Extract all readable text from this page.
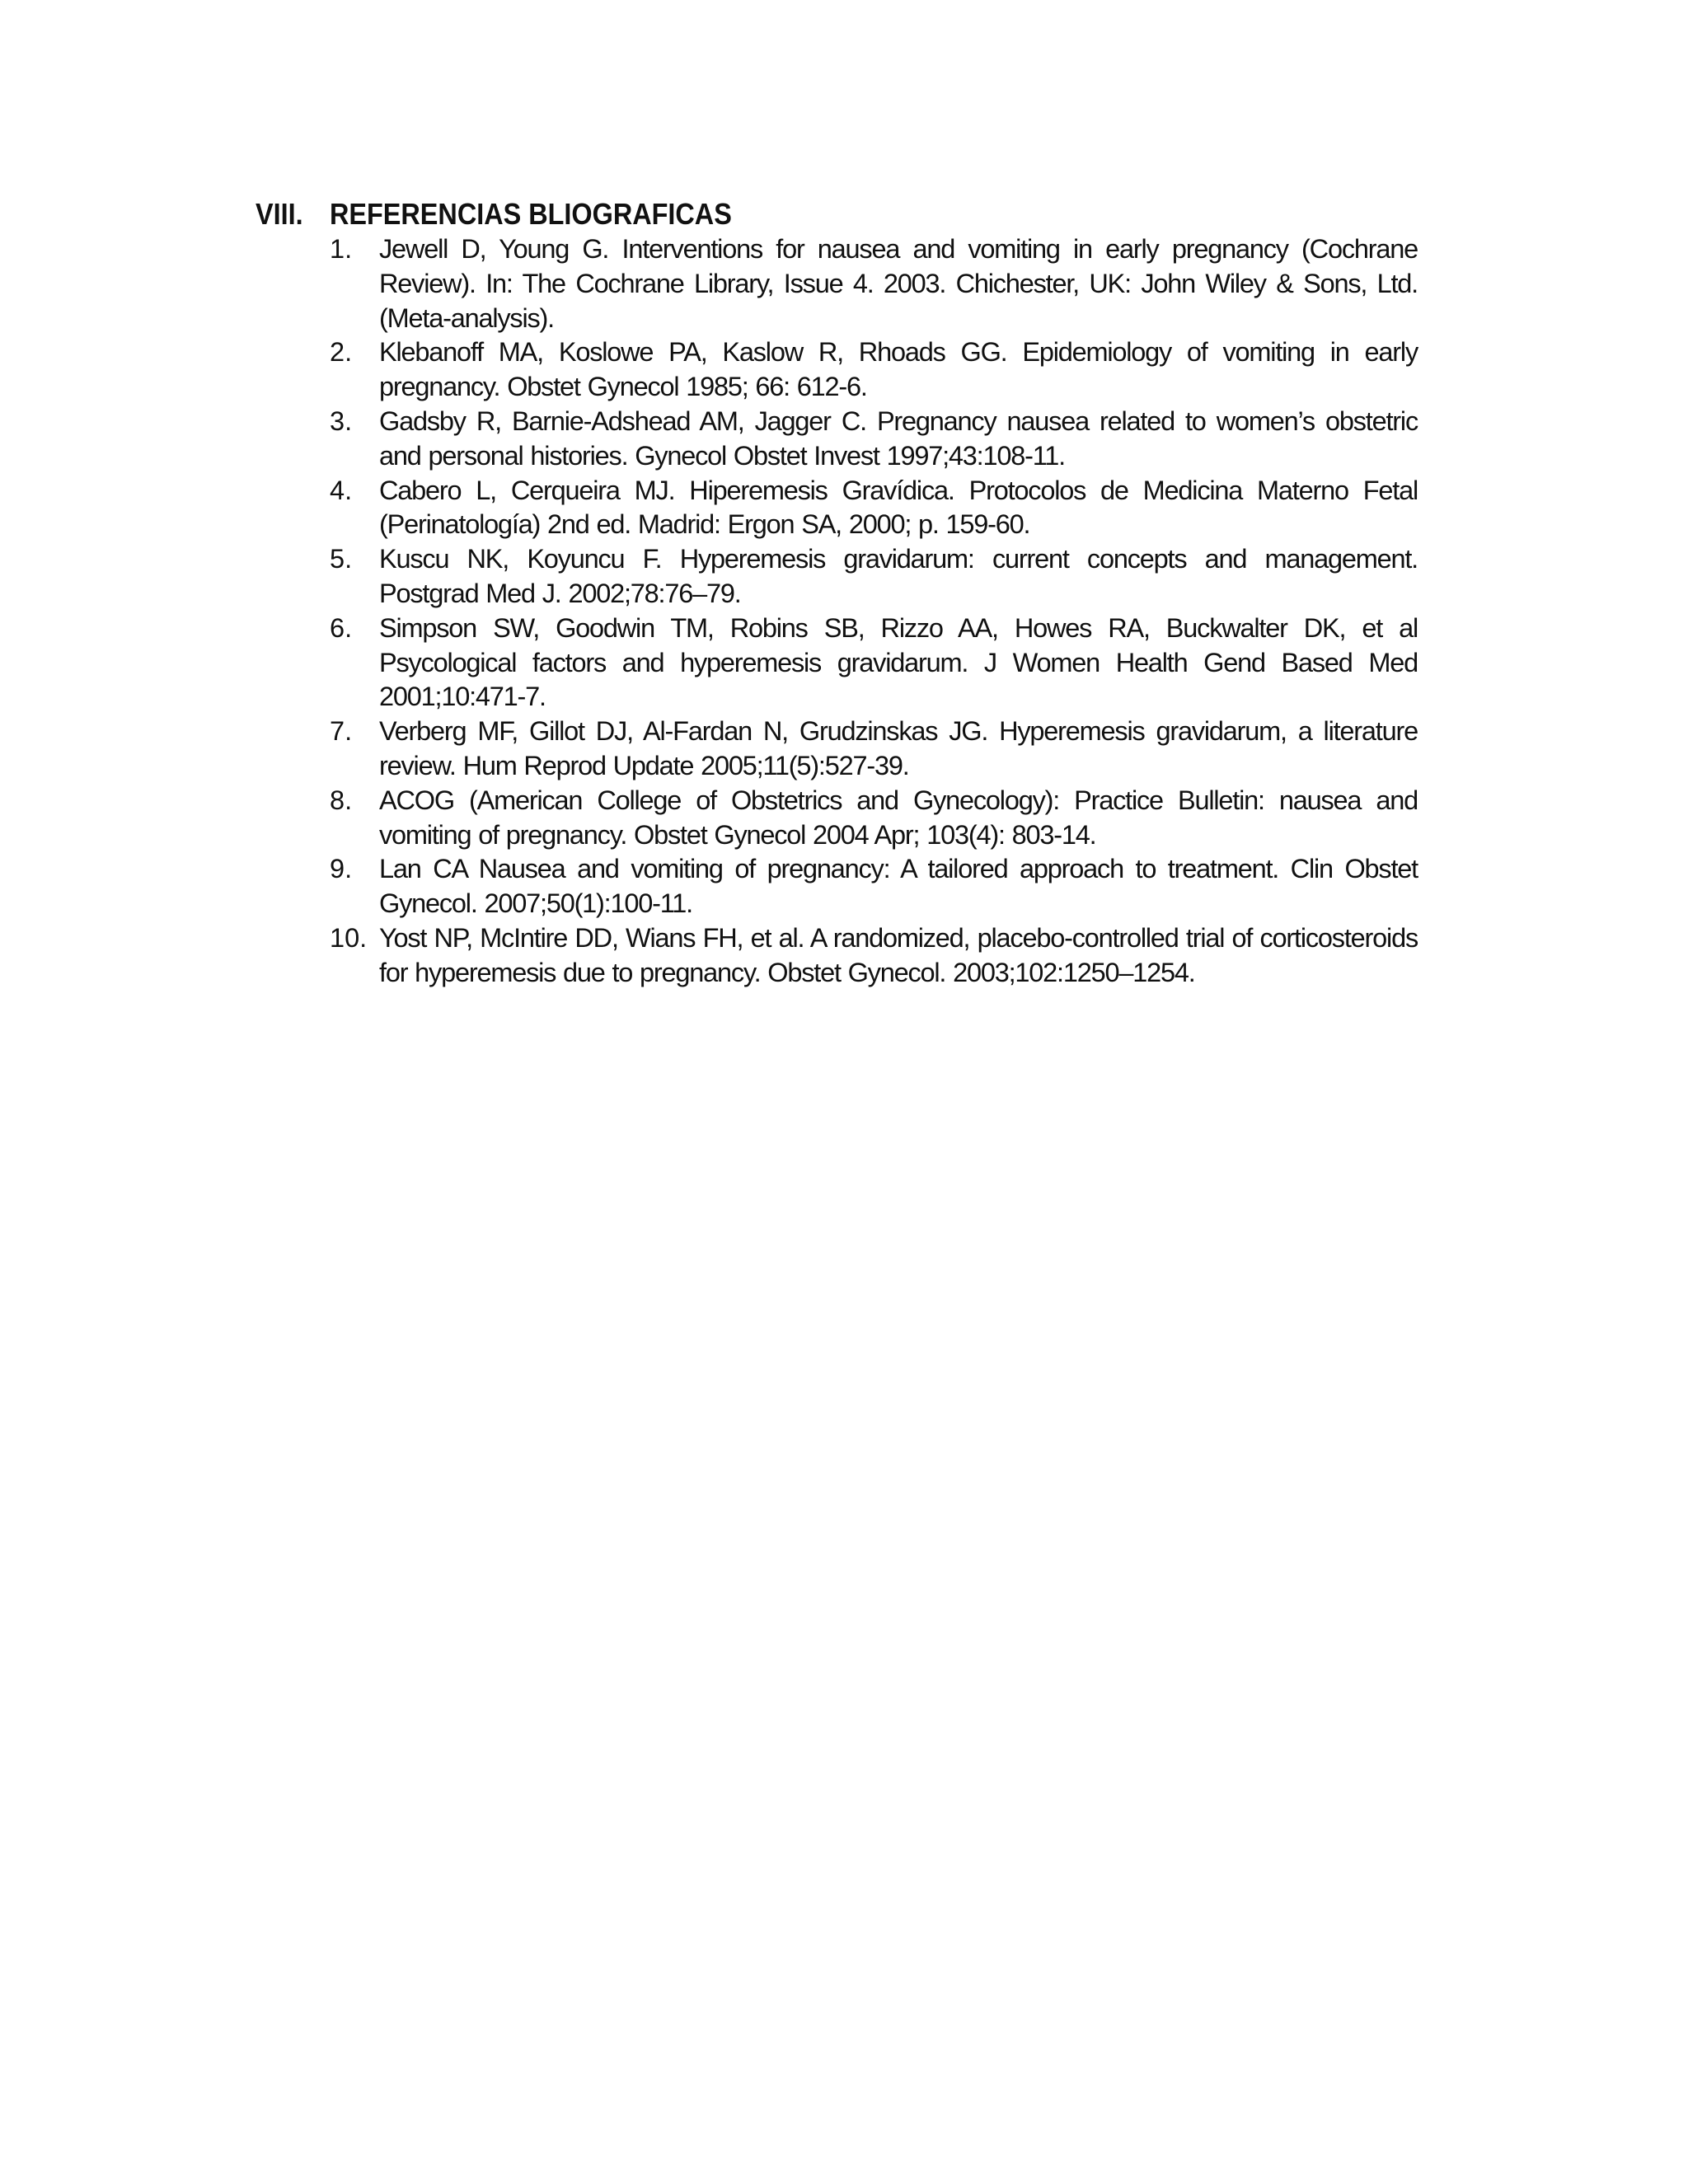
VIII. REFERENCIAS BLIOGRAFICAS
1.	Jewell D, Young G. Interventions for nausea and vomiting in early pregnancy (Cochrane Review). In: The Cochrane Library, Issue 4. 2003. Chichester, UK: John Wiley & Sons, Ltd. (Meta-analysis).
2.	Klebanoff MA, Koslowe PA, Kaslow R, Rhoads GG. Epidemiology of vomiting in early pregnancy. Obstet Gynecol 1985; 66: 612-6.
3.	Gadsby R, Barnie-Adshead AM, Jagger C. Pregnancy nausea related to women’s obstetric and personal histories. Gynecol Obstet Invest 1997;43:108-11.
4.	Cabero L, Cerqueira MJ. Hiperemesis Gravídica. Protocolos de Medicina Materno Fetal (Perinatología) 2nd ed. Madrid: Ergon SA, 2000; p. 159-60.
5.	Kuscu NK, Koyuncu F. Hyperemesis gravidarum: current concepts and management. Postgrad Med J. 2002;78:76–79.
6.	Simpson SW, Goodwin TM, Robins SB, Rizzo AA, Howes RA, Buckwalter DK, et al Psycological factors and hyperemesis gravidarum. J Women Health Gend Based Med 2001;10:471-7.
7.	Verberg MF, Gillot DJ, Al-Fardan N, Grudzinskas JG. Hyperemesis gravidarum, a literature review. Hum Reprod Update 2005;11(5):527-39.
8.	ACOG (American College of Obstetrics and Gynecology): Practice Bulletin: nausea and vomiting of pregnancy. Obstet Gynecol 2004 Apr; 103(4): 803-14.
9.	Lan CA Nausea and vomiting of pregnancy: A tailored approach to treatment. Clin Obstet Gynecol. 2007;50(1):100-11.
10. Yost NP, McIntire DD, Wians FH, et al. A randomized, placebo-controlled trial of corticosteroids for hyperemesis due to pregnancy. Obstet Gynecol. 2003;102:1250–1254.
